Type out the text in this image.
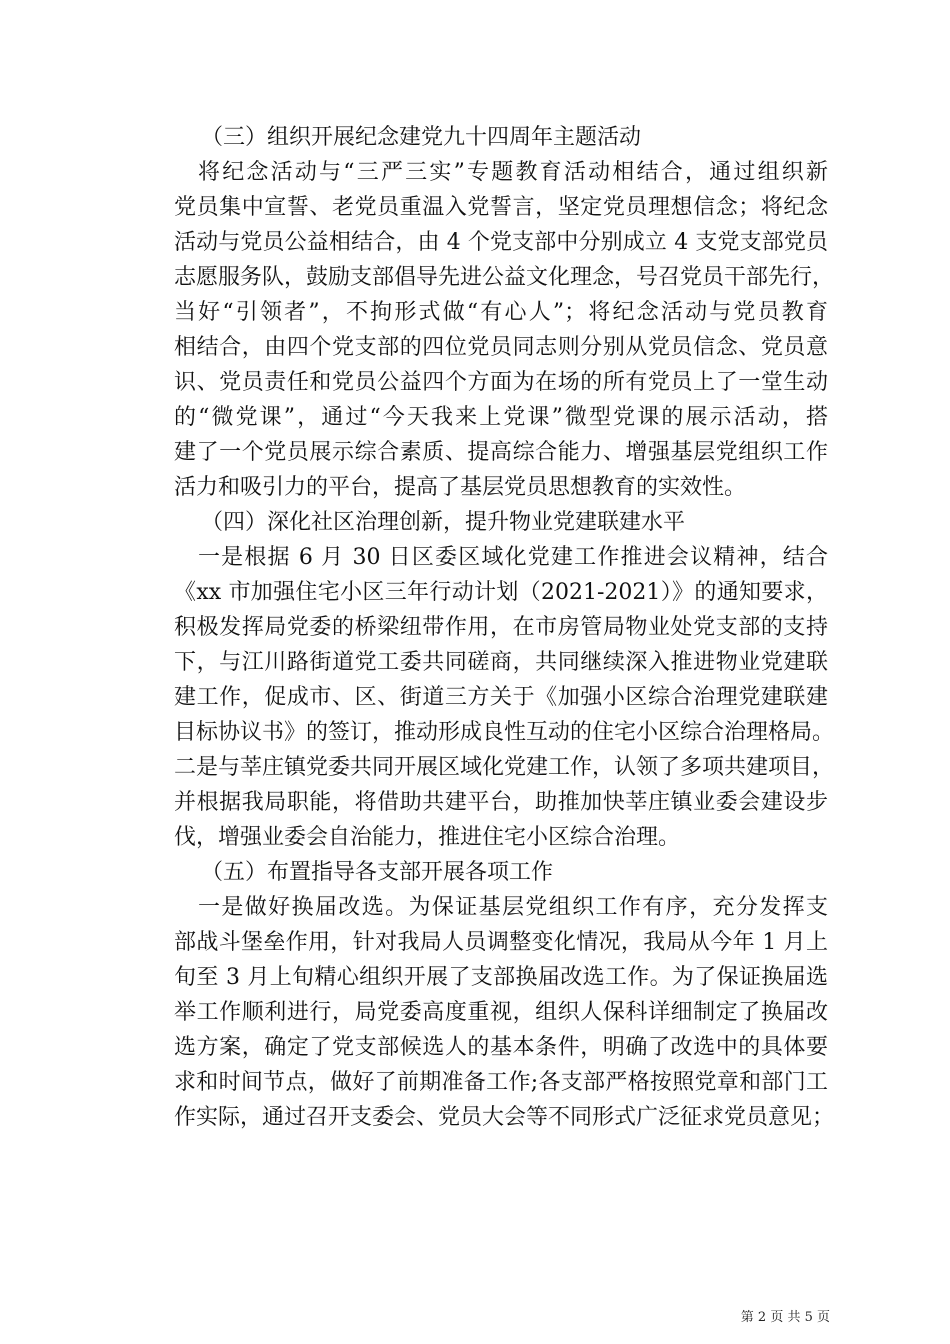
（三）组织开展纪念建党九十四周年主题活动
将纪念活动与“三严三实”专题教育活动相结合，通过组织新
党员集中宣誓、老党员重温入党誓言，坚定党员理想信念；将纪念
活动与党员公益相结合，由 4 个党支部中分别成立 4 支党支部党员
志愿服务队，鼓励支部倡导先进公益文化理念，号召党员干部先行，
当好“引领者”，不拘形式做“有心人”；将纪念活动与党员教育
相结合，由四个党支部的四位党员同志则分别从党员信念、党员意
识、党员责任和党员公益四个方面为在场的所有党员上了一堂生动
的“微党课”，通过“今天我来上党课”微型党课的展示活动，搭
建了一个党员展示综合素质、提高综合能力、增强基层党组织工作
活力和吸引力的平台，提高了基层党员思想教育的实效性。
（四）深化社区治理创新，提升物业党建联建水平
一是根据 6 月 30 日区委区域化党建工作推进会议精神，结合
《xx 市加强住宅小区三年行动计划（2021-2021）》的通知要求，
积极发挥局党委的桥梁纽带作用，在市房管局物业处党支部的支持
下，与江川路街道党工委共同磋商，共同继续深入推进物业党建联
建工作，促成市、区、街道三方关于《加强小区综合治理党建联建
目标协议书》的签订，推动形成良性互动的住宅小区综合治理格局。
二是与莘庄镇党委共同开展区域化党建工作，认领了多项共建项目，
并根据我局职能，将借助共建平台，助推加快莘庄镇业委会建设步
伐，增强业委会自治能力，推进住宅小区综合治理。
（五）布置指导各支部开展各项工作
一是做好换届改选。为保证基层党组织工作有序，充分发挥支
部战斗堡垒作用，针对我局人员调整变化情况，我局从今年 1 月上
旬至 3 月上旬精心组织开展了支部换届改选工作。为了保证换届选
举工作顺利进行，局党委高度重视，组织人保科详细制定了换届改
选方案，确定了党支部候选人的基本条件，明确了改选中的具体要
求和时间节点，做好了前期准备工作;各支部严格按照党章和部门工
作实际，通过召开支委会、党员大会等不同形式广泛征求党员意见；
第 2 页 共 5 页
